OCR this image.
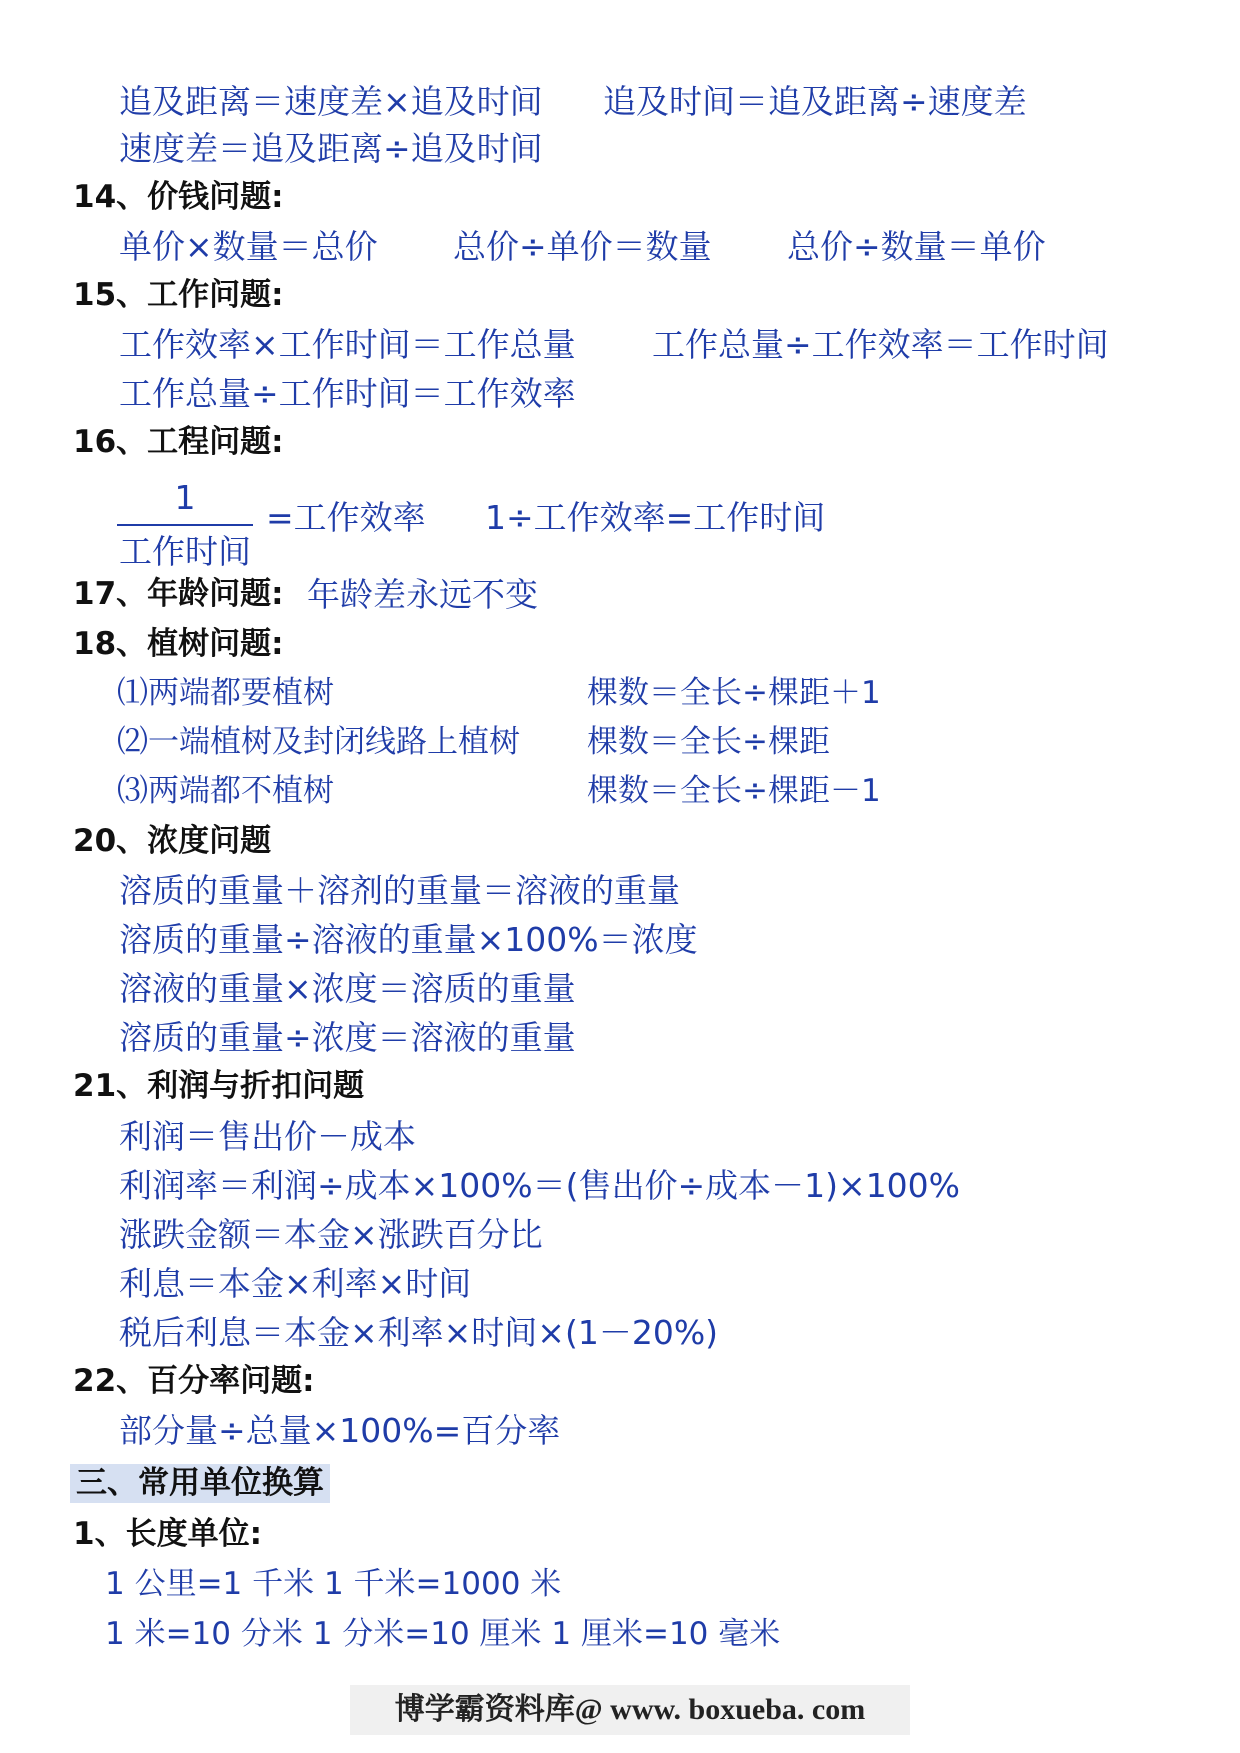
追及距离＝速度差×追及时间 追及时间＝追及距离÷速度差
速度差＝追及距离÷追及时间
14、价钱问题:
单价×数量＝总价 总价÷单价＝数量 总价÷数量＝单价
15、工作问题:
工作效率×工作时间＝工作总量 工作总量÷工作效率＝工作时间
工作总量÷工作时间＝工作效率
16、工程问题:
1
工作时间
=工作效率 1÷工作效率=工作时间
17、年龄问题: 年龄差永远不变
18、植树问题:
⑴两端都要植树	棵数＝全长÷棵距＋1
⑵一端植树及封闭线路上植树 棵数＝全长÷棵距
⑶两端都不植树	棵数＝全长÷棵距－1
20、浓度问题
溶质的重量＋溶剂的重量＝溶液的重量
溶质的重量÷溶液的重量×100%＝浓度
溶液的重量×浓度＝溶质的重量
溶质的重量÷浓度＝溶液的重量
21、利润与折扣问题
利润＝售出价－成本
利润率＝利润÷成本×100%＝(售出价÷成本－1)×100%
涨跌金额＝本金×涨跌百分比
利息＝本金×利率×时间
税后利息＝本金×利率×时间×(1－20%)
22、百分率问题:
部分量÷总量×100%=百分率
三、常用单位换算
1、长度单位:
1 公里=1 千米 1 千米=1000 米
1 米=10 分米 1 分米=10 厘米 1 厘米=10 毫米
博学霸资料库@ www. boxueba. com
